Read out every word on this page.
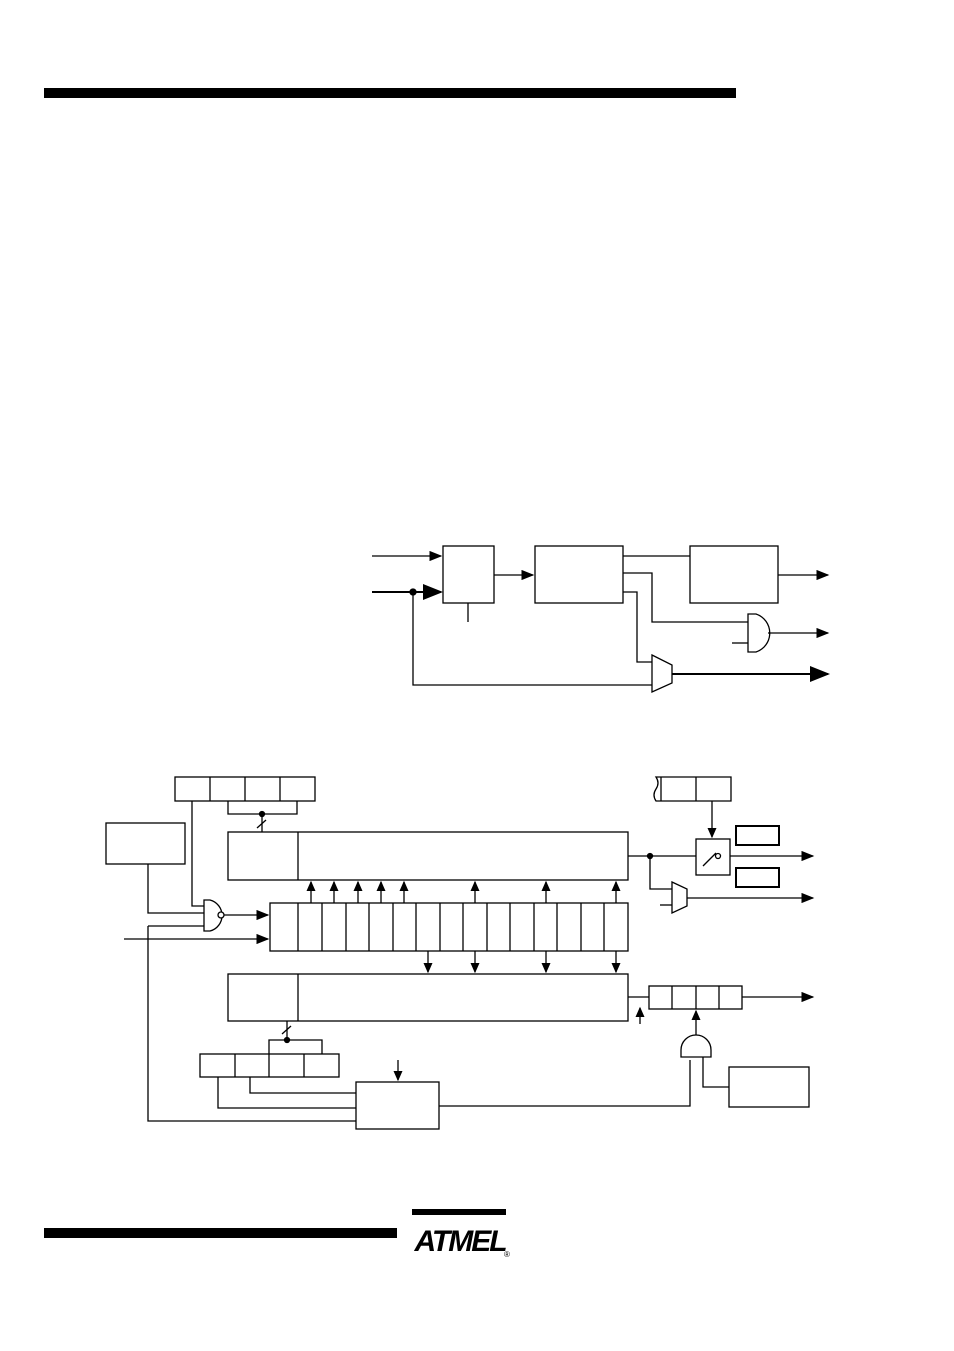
ATMEL
®
